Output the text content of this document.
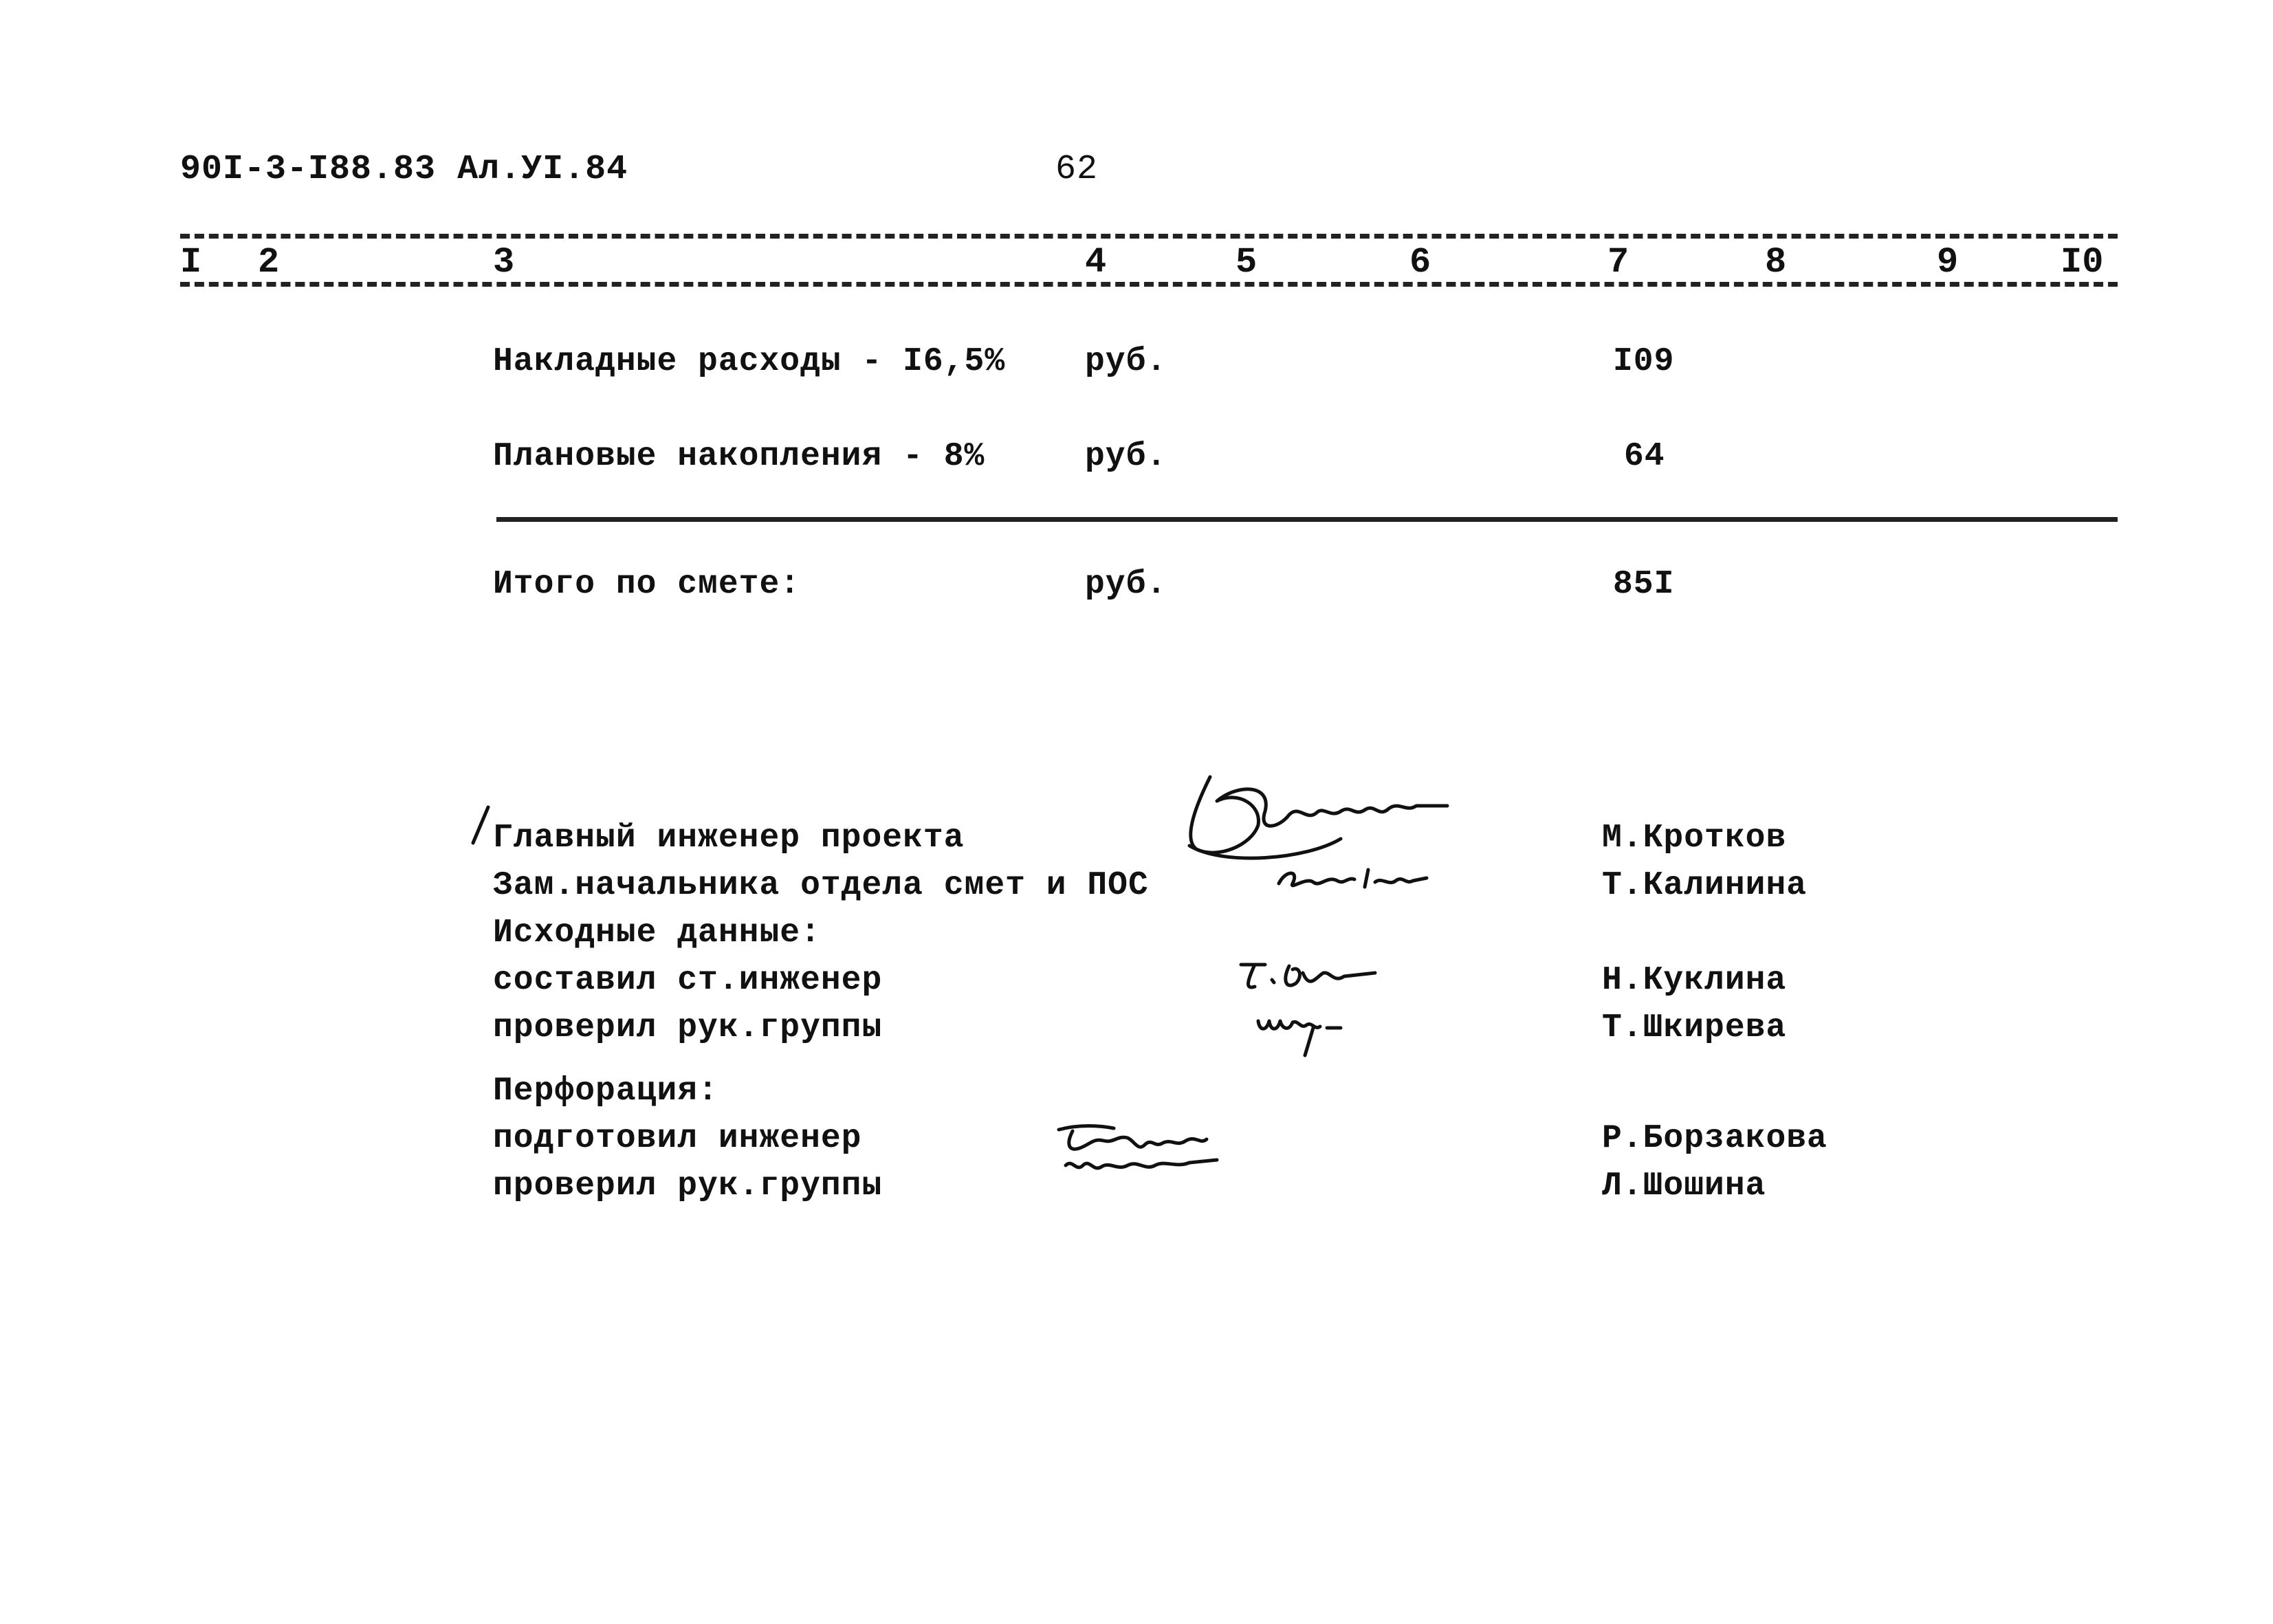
90I-3-I88.83 Ал.УI.84	62
I 2	3	4	5	6	7	8	9	I0
Накладные расходы - I6,5% руб.	I09
Плановые накопления - 8%	руб.	64
Итого по смете:	руб.	85I
Главный инженер проекта	М.Кротков
Зам.начальника отдела смет и ПОС	Т.Калинина
Исходные данные:
составил ст.инженер	Н.Куклина
проверил рук.группы	Т.Шкирева
Перфорация:
подготовил инженер	Р.Борзакова
проверил рук.группы	Л.Шошина
